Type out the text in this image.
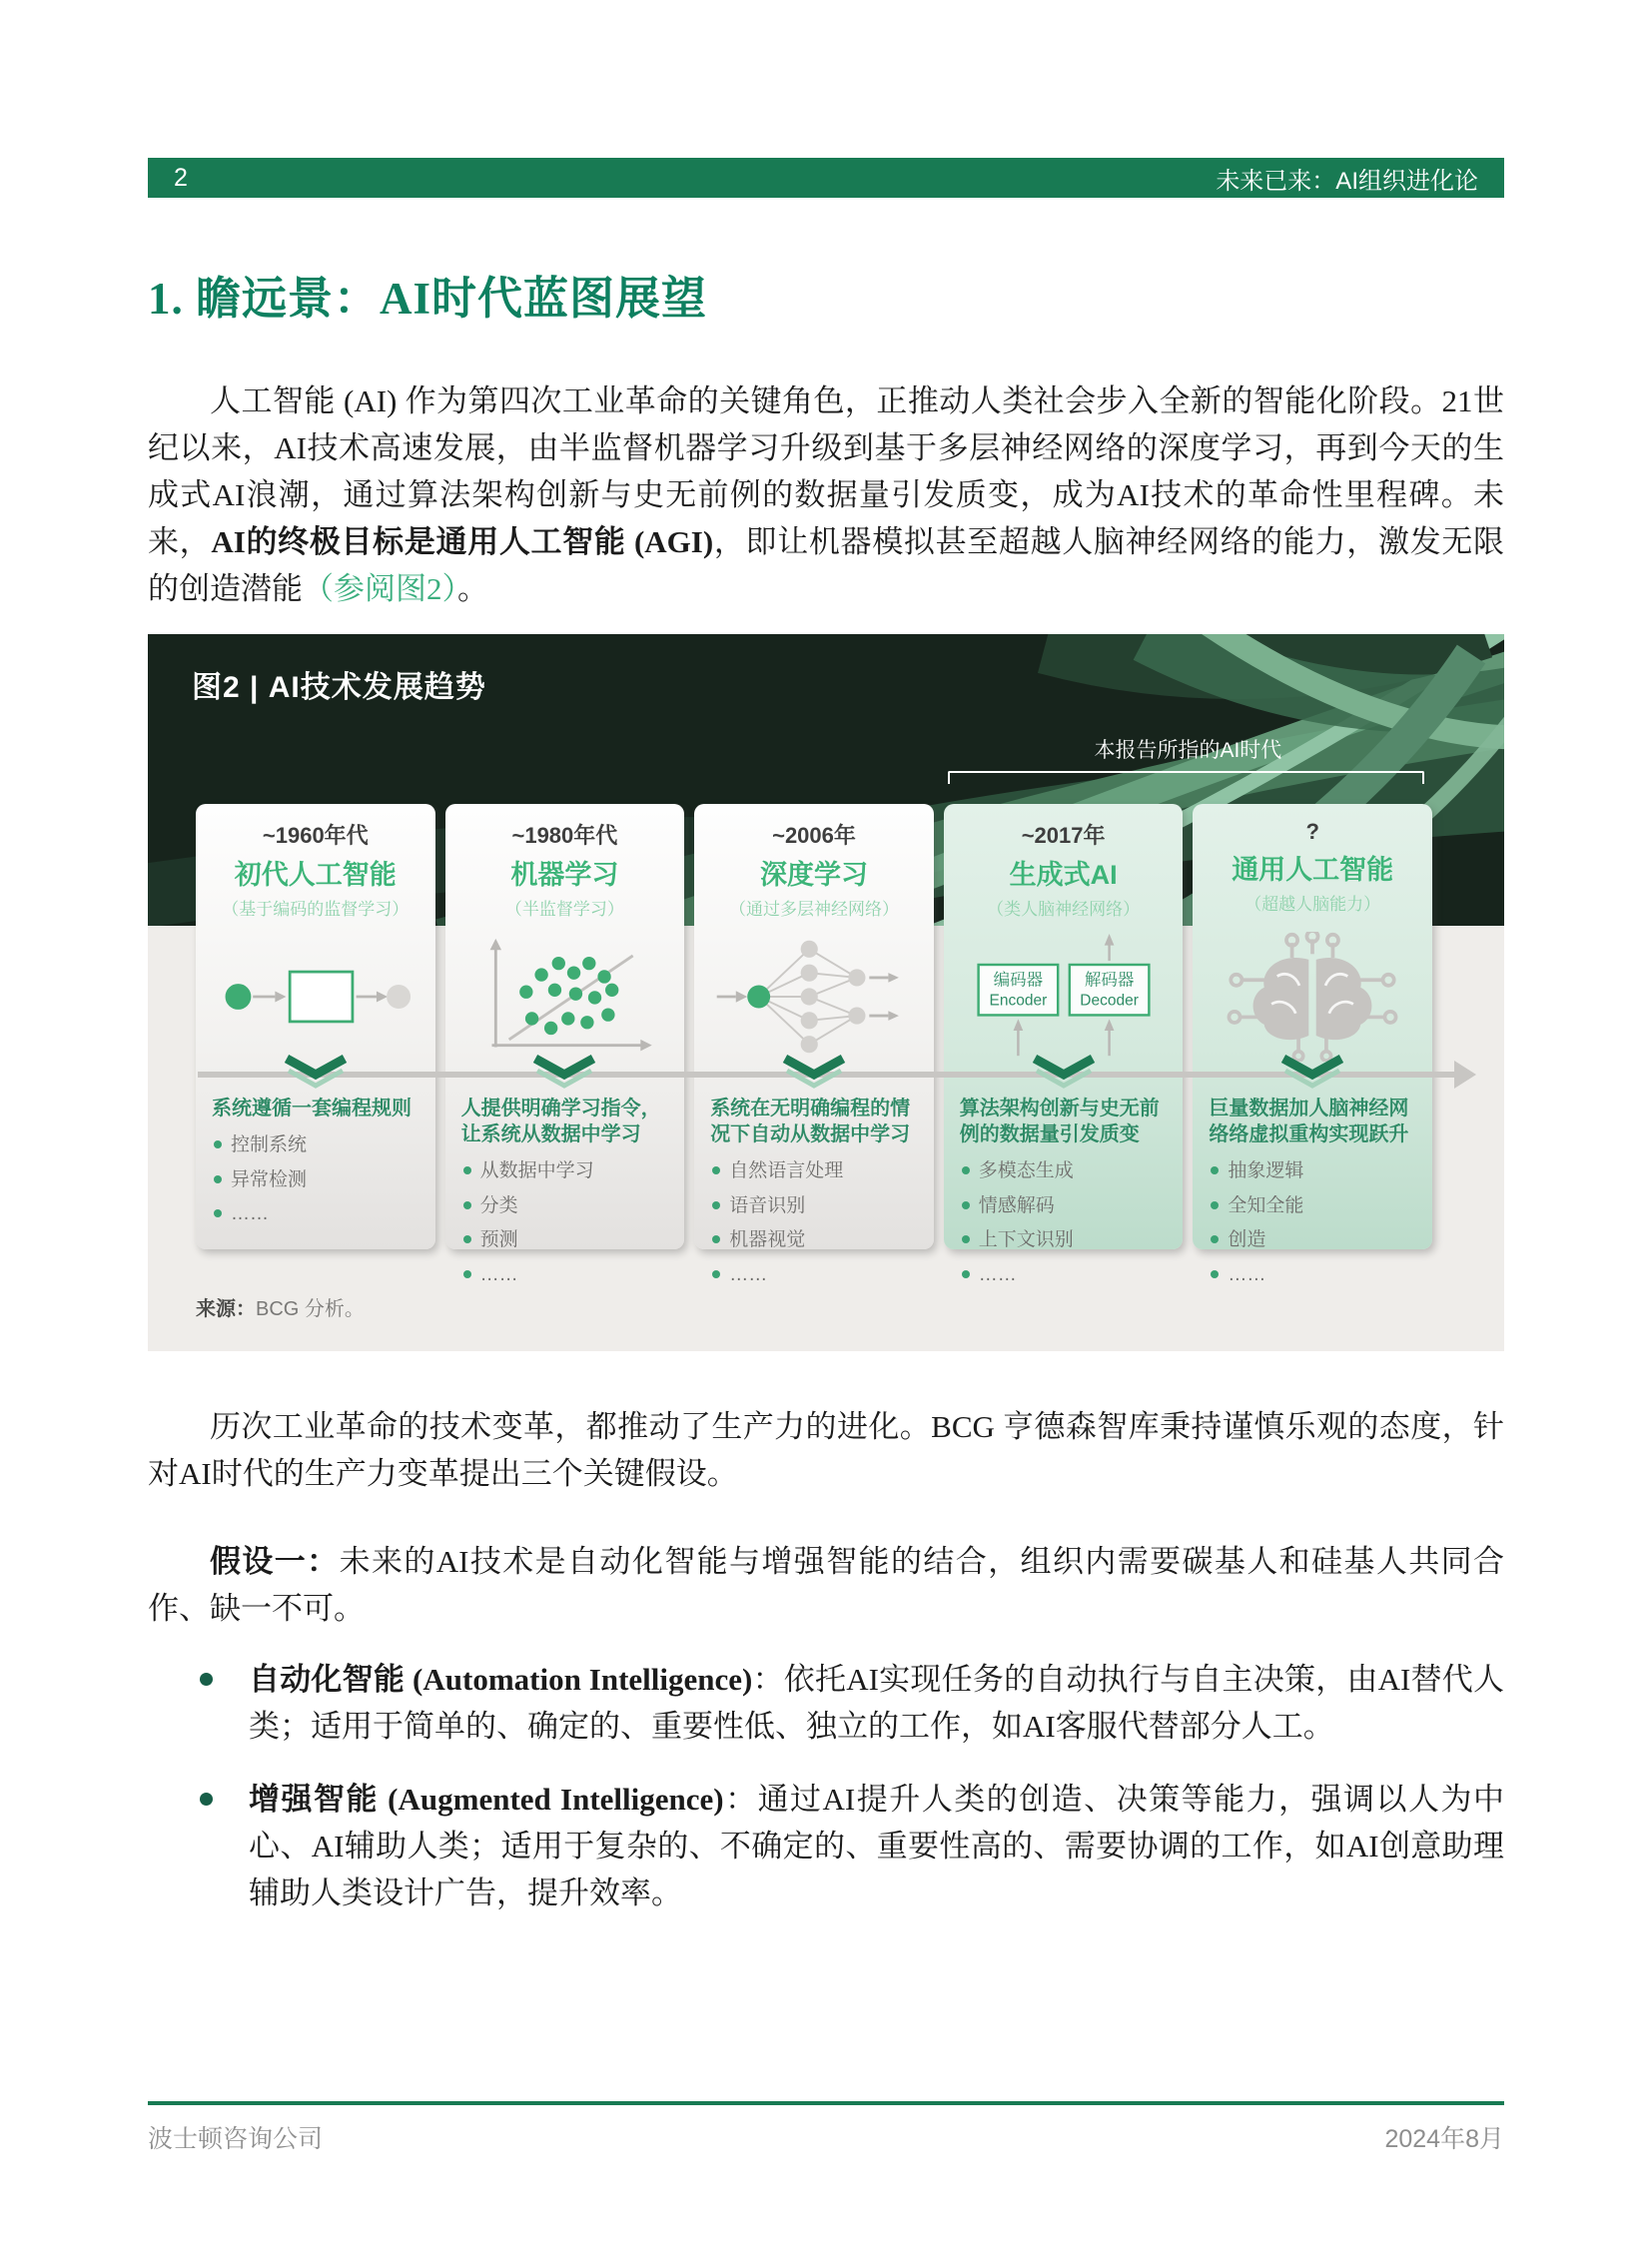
2	未来已来：AI组织进化论
1. 瞻远景：AI时代蓝图展望

人工智能 (AI) 作为第四次工业革命的关键角色，正推动人类社会步入全新的智能化阶段。21世纪以来，AI技术高速发展，由半监督机器学习升级到基于多层神经网络的深度学习，再到今天的生成式AI浪潮，通过算法架构创新与史无前例的数据量引发质变，成为AI技术的革命性里程碑。未来，AI的终极目标是通用人工智能 (AGI)，即让机器模拟甚至超越人脑神经网络的能力，激发无限的创造潜能（参阅图2）。

图2 | AI技术发展趋势
本报告所指的AI时代
~1960年代
初代人工智能
（基于编码的监督学习）
系统遵循一套编程规则
控制系统
异常检测
……
~1980年代
机器学习
（半监督学习）
人提供明确学习指令，让系统从数据中学习
从数据中学习
分类
预测
……
~2006年
深度学习
（通过多层神经网络）
系统在无明确编程的情况下自动从数据中学习
自然语言处理
语音识别
机器视觉
……
~2017年
生成式AI
（类人脑神经网络）
编码器
Encoder
解码器
Decoder
算法架构创新与史无前例的数据量引发质变
多模态生成
情感解码
上下文识别
……
?
通用人工智能
（超越人脑能力）
巨量数据加人脑神经网络络虚拟重构实现跃升
抽象逻辑
全知全能
创造
……
来源：BCG 分析。

历次工业革命的技术变革，都推动了生产力的进化。BCG 亨德森智库秉持谨慎乐观的态度，针对AI时代的生产力变革提出三个关键假设。

假设一：未来的AI技术是自动化智能与增强智能的结合，组织内需要碳基人和硅基人共同合作、缺一不可。

自动化智能 (Automation Intelligence)：依托AI实现任务的自动执行与自主决策，由AI替代人类；适用于简单的、确定的、重要性低、独立的工作，如AI客服代替部分人工。
增强智能 (Augmented Intelligence)：通过AI提升人类的创造、决策等能力，强调以人为中心、AI辅助人类；适用于复杂的、不确定的、重要性高的、需要协调的工作，如AI创意助理辅助人类设计广告，提升效率。
波士顿咨询公司	2024年8月
